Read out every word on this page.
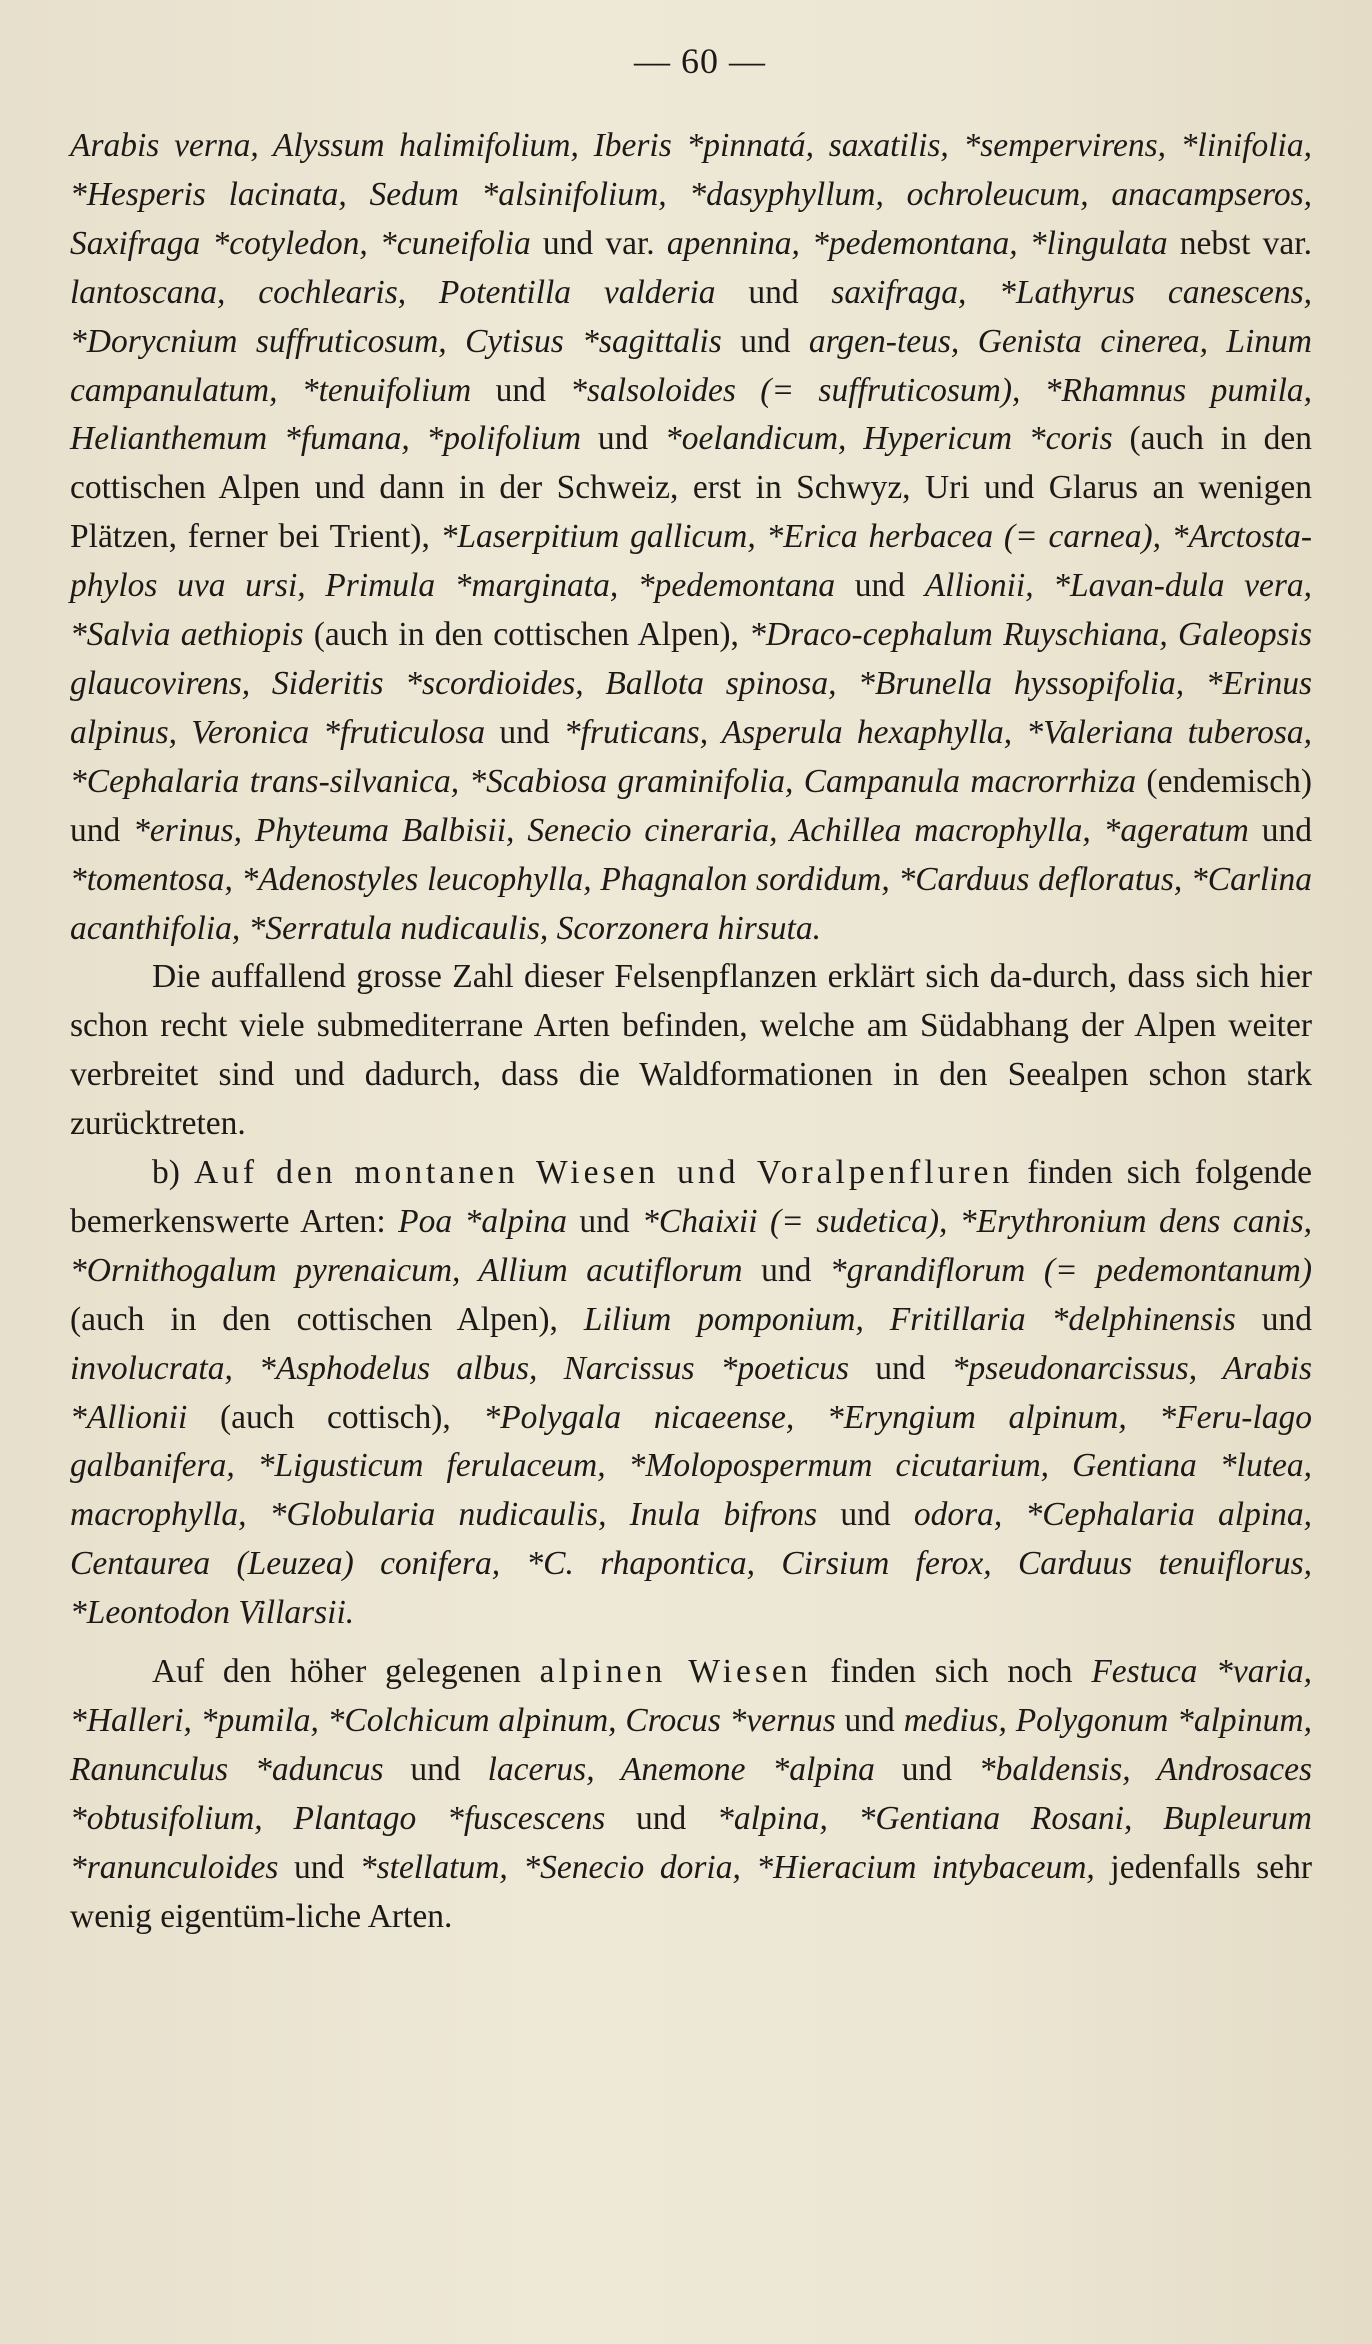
— 60 —

Arabis verna, Alyssum halimifolium, Iberis *pinnatá, saxatilis, *sempervirens, *linifolia, *Hesperis lacinata, Sedum *alsinifolium, *dasyphyllum, ochroleucum, anacampseros, Saxifraga *cotyledon, *cuneifolia und var. apennina, *pedemontana, *lingulata nebst var. lantoscana, cochlearis, Potentilla valderia und saxifraga, *Lathyrus canescens, *Dorycnium suffruticosum, Cytisus *sagittalis und argen-teus, Genista cinerea, Linum campanulatum, *tenuifolium und *salsoloides (= suffruticosum), *Rhamnus pumila, Helianthemum *fumana, *polifolium und *oelandicum, Hypericum *coris (auch in den cottischen Alpen und dann in der Schweiz, erst in Schwyz, Uri und Glarus an wenigen Plätzen, ferner bei Trient), *Laserpitium gallicum, *Erica herbacea (= carnea), *Arctosta-phylos uva ursi, Primula *marginata, *pedemontana und Allionii, *Lavan-dula vera, *Salvia aethiopis (auch in den cottischen Alpen), *Draco-cephalum Ruyschiana, Galeopsis glaucovirens, Sideritis *scordioides, Ballota spinosa, *Brunella hyssopifolia, *Erinus alpinus, Veronica *fruticulosa und *fruticans, Asperula hexaphylla, *Valeriana tuberosa, *Cephalaria trans-silvanica, *Scabiosa graminifolia, Campanula macrorrhiza (endemisch) und *erinus, Phyteuma Balbisii, Senecio cineraria, Achillea macrophylla, *ageratum und *tomentosa, *Adenostyles leucophylla, Phagnalon sordidum, *Carduus defloratus, *Carlina acanthifolia, *Serratula nudicaulis, Scorzonera hirsuta.

Die auffallend grosse Zahl dieser Felsenpflanzen erklärt sich da-durch, dass sich hier schon recht viele submediterrane Arten befinden, welche am Südabhang der Alpen weiter verbreitet sind und dadurch, dass die Waldformationen in den Seealpen schon stark zurücktreten.

b) Auf den montanen Wiesen und Voralpenfluren finden sich folgende bemerkenswerte Arten: Poa *alpina und *Chaixii (= sudetica), *Erythronium dens canis, *Ornithogalum pyrenaicum, Allium acutiflorum und *grandiflorum (= pedemontanum) (auch in den cottischen Alpen), Lilium pomponium, Fritillaria *delphinensis und involucrata, *Asphodelus albus, Narcissus *poeticus und *pseudonarcissus, Arabis *Allionii (auch cottisch), *Polygala nicaeense, *Eryngium alpinum, *Feru-lago galbanifera, *Ligusticum ferulaceum, *Molopospermum cicutarium, Gentiana *lutea, macrophylla, *Globularia nudicaulis, Inula bifrons und odora, *Cephalaria alpina, Centaurea (Leuzea) conifera, *C. rhapontica, Cirsium ferox, Carduus tenuiflorus, *Leontodon Villarsii.

Auf den höher gelegenen alpinen Wiesen finden sich noch Festuca *varia, *Halleri, *pumila, *Colchicum alpinum, Crocus *vernus und medius, Polygonum *alpinum, Ranunculus *aduncus und lacerus, Anemone *alpina und *baldensis, Androsaces *obtusifolium, Plantago *fuscescens und *alpina, *Gentiana Rosani, Bupleurum *ranunculoides und *stellatum, *Senecio doria, *Hieracium intybaceum, jedenfalls sehr wenig eigentüm-liche Arten.
